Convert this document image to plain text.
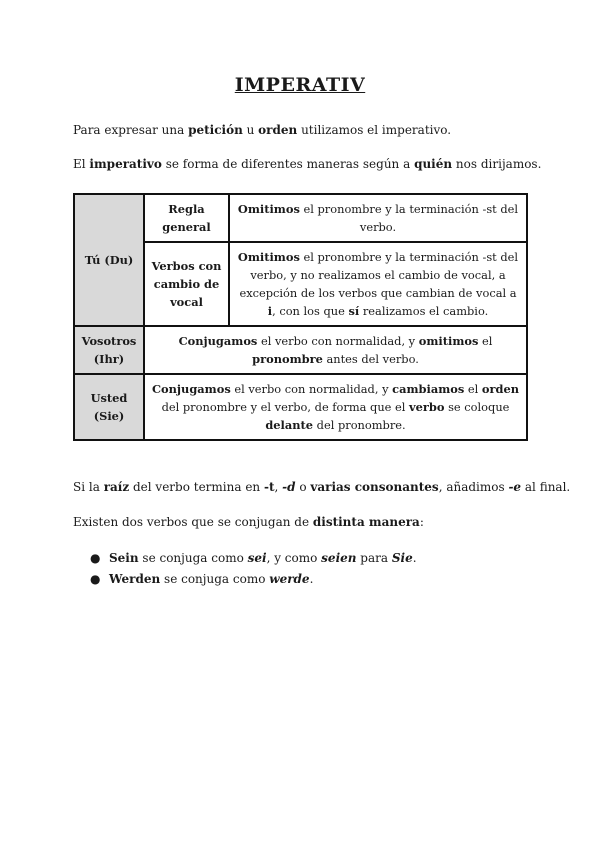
IMPERATIV
Para expresar una petición u orden utilizamos el imperativo.
El imperativo se forma de diferentes maneras según a quién nos dirijamos.
Tú (Du)	Regla general	Omitimos el pronombre y la terminación -st del verbo.
	Verbos con cambio de vocal	Omitimos el pronombre y la terminación -st del verbo, y no realizamos el cambio de vocal, a excepción de los verbos que cambian de vocal a i, con los que sí realizamos el cambio.
Vosotros (Ihr)	Conjugamos el verbo con normalidad, y omitimos el pronombre antes del verbo.	
Usted (Sie)	Conjugamos el verbo con normalidad, y cambiamos el orden del pronombre y el verbo, de forma que el verbo se coloque delante del pronombre.	
Si la raíz del verbo termina en -t, -d o varias consonantes, añadimos -e al final.
Existen dos verbos que se conjugan de distinta manera:
● Sein se conjuga como sei, y como seien para Sie.
● Werden se conjuga como werde.
